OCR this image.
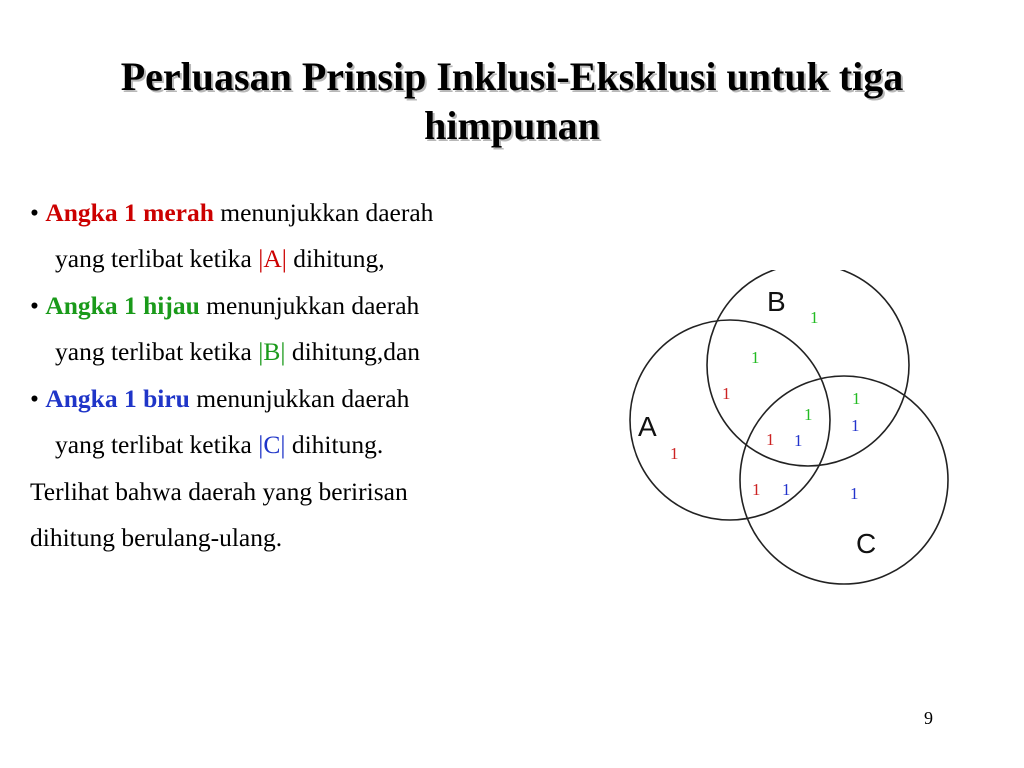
Perluasan Prinsip Inklusi-Eksklusi untuk tiga himpunan
• Angka 1 merah menunjukkan daerah
yang terlibat ketika |A| dihitung,
• Angka 1 hijau menunjukkan daerah
yang terlibat ketika |B| dihitung,dan
• Angka 1 biru menunjukkan daerah
yang terlibat ketika |C| dihitung.
Terlihat bahwa daerah yang beririsan
dihitung berulang-ulang.
A
B
C
1
1
1
1	1
1
1
1 1
1 1	1
9
